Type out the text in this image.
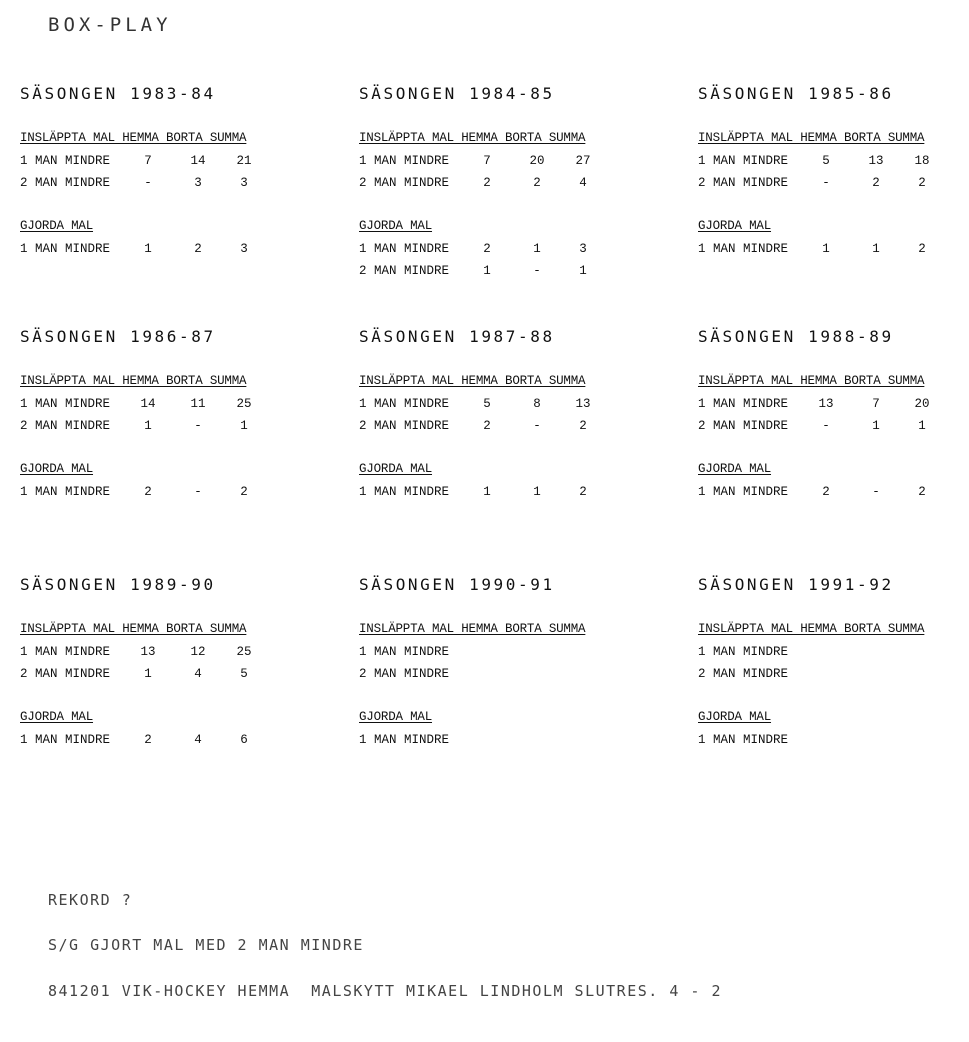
BOX-PLAY
SÄSONGEN 1983-84
INSLÄPPTA MAL HEMMA BORTA SUMMA
1 MAN MINDRE	7	14	21
2 MAN MINDRE	-	3	3
GJORDA MAL
1 MAN MINDRE	1	2	3
SÄSONGEN 1984-85
INSLÄPPTA MAL HEMMA BORTA SUMMA
1 MAN MINDRE	7	20	27
2 MAN MINDRE	2	2	4
GJORDA MAL
1 MAN MINDRE	2	1	3
2 MAN MINDRE	1	-	1
SÄSONGEN 1985-86
INSLÄPPTA MAL HEMMA BORTA SUMMA
1 MAN MINDRE	5	13	18
2 MAN MINDRE	-	2	2
GJORDA MAL
1 MAN MINDRE	1	1	2
SÄSONGEN 1986-87
INSLÄPPTA MAL HEMMA BORTA SUMMA
1 MAN MINDRE 14	11	25
2 MAN MINDRE	1	-	1
GJORDA MAL
1 MAN MINDRE	2	-	2
SÄSONGEN 1987-88
INSLÄPPTA MAL HEMMA BORTA SUMMA
1 MAN MINDRE	5	8	13
2 MAN MINDRE	2	-	2
GJORDA MAL
1 MAN MINDRE	1	1	2
SÄSONGEN 1988-89
INSLÄPPTA MAL HEMMA BORTA SUMMA
1 MAN MINDRE 13	7	20
2 MAN MINDRE	-	1	1
GJORDA MAL
1 MAN MINDRE	2	-	2
SÄSONGEN 1989-90
INSLÄPPTA MAL HEMMA BORTA SUMMA
1 MAN MINDRE 13	12	25
2 MAN MINDRE	1	4	5
GJORDA MAL
1 MAN MINDRE	2	4	6
SÄSONGEN 1990-91
INSLÄPPTA MAL HEMMA BORTA SUMMA
1 MAN MINDRE
2 MAN MINDRE
GJORDA MAL
1 MAN MINDRE
SÄSONGEN 1991-92
INSLÄPPTA MAL HEMMA BORTA SUMMA
1 MAN MINDRE
2 MAN MINDRE
GJORDA MAL
1 MAN MINDRE
REKORD ?
S/G GJORT MAL MED 2 MAN MINDRE
841201 VIK-HOCKEY HEMMA  MALSKYTT MIKAEL LINDHOLM SLUTRES. 4 - 2
